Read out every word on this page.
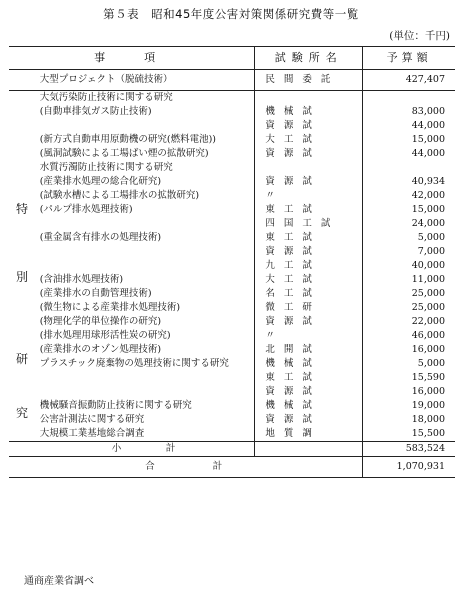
第５表　昭和45年度公害対策関係研究費等一覧
(単位：千円)
事　項		試験所名	予算額
	大型プロジェクト（脱硫技術）	民間委託	427,407
	大気汚染防止技術に関する研究		
	(自動車排気ガス防止技術)	機械試	83,000
		資源試	44,000
	(新方式自動車用原動機の研究(燃料電池))	大工試	15,000
	(風洞試験による工場ばい煙の拡散研究)	資源試	44,000
	水質汚濁防止技術に関する研究		
	(産業排水処理の総合化研究)	資源試	40,934
	(試験水槽による工場排水の拡散研究)	〃	42,000
	(パルプ排水処理技術)	東工試	15,000
		四国工試	24,000
	(重金属含有排水の処理技術)	東工試	5,000
		資源試	7,000
		九工試	40,000
	(含油排水処理技術)	大工試	11,000
	(産業排水の自動管理技術)	名工試	25,000
	(微生物による産業排水処理技術)	微工研	25,000
	(物理化学的単位操作の研究)	資源試	22,000
	(排水処理用球形活性炭の研究)	〃	46,000
	(産業排水のオゾン処理技術)	北開試	16,000
	プラスチック廃棄物の処理技術に関する研究	機械試	5,000
		東工試	15,590
		資源試	16,000
	機械騒音振動防止技術に関する研究	機械試	19,000
	公害計測法に関する研究	資源試	18,000
	大規模工業基地総合調査	地質調	15,500
	小　　　計		583,524
合　　　　計			1,070,931
特
別
研
究
通商産業省調べ
